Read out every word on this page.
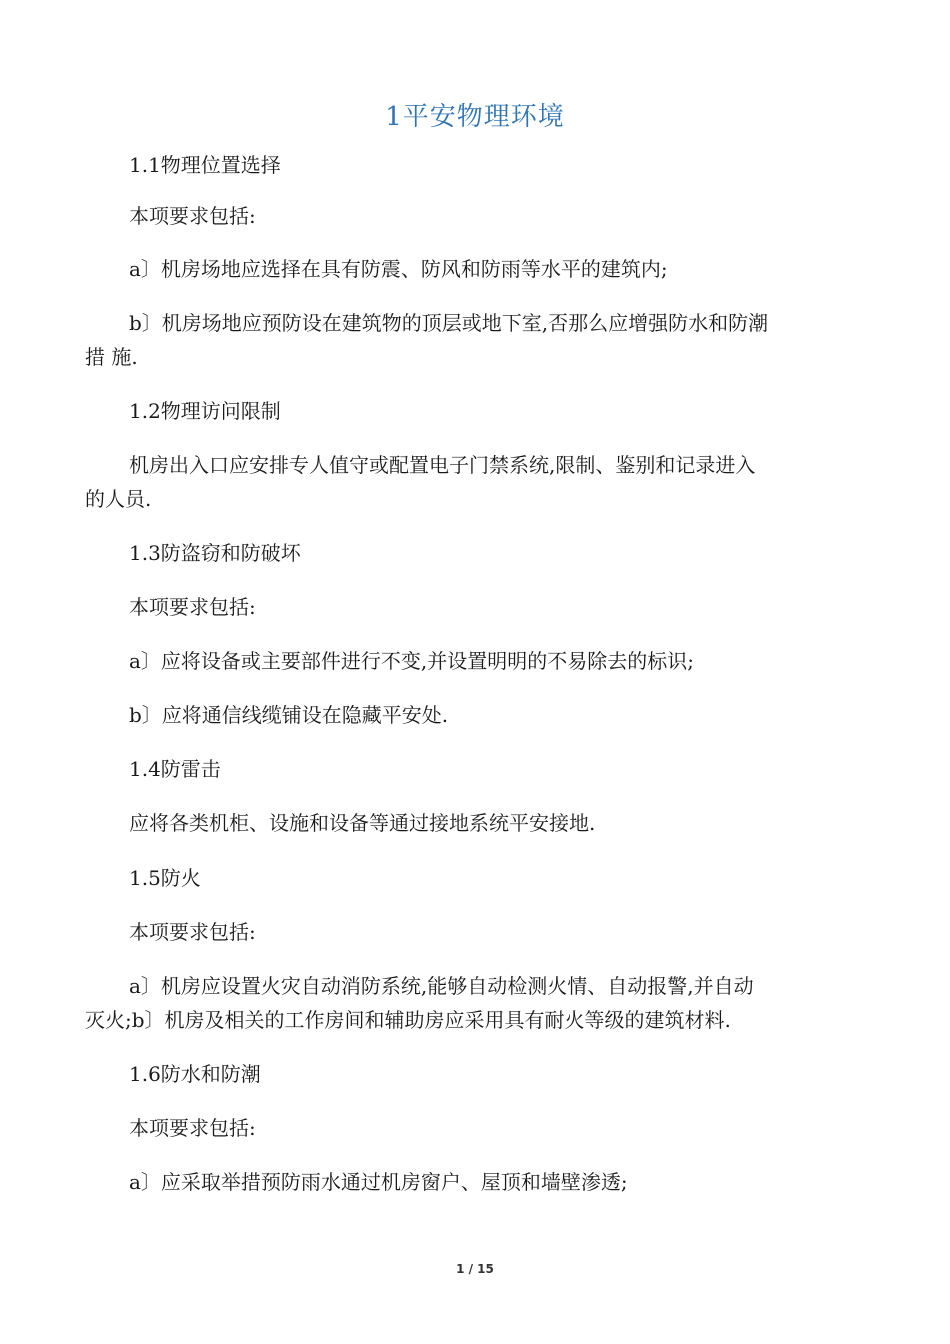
1平安物理环境
1.1物理位置选择
本项要求包括:
a〕机房场地应选择在具有防震、防风和防雨等水平的建筑内;
b〕机房场地应预防设在建筑物的顶层或地下室,否那么应增强防水和防潮
措 施.
1.2物理访问限制
机房出入口应安排专人值守或配置电子门禁系统,限制、鉴别和记录进入
的人员.
1.3防盗窃和防破坏
本项要求包括:
a〕应将设备或主要部件进行不变,并设置明明的不易除去的标识;
b〕应将通信线缆铺设在隐藏平安处.
1.4防雷击
应将各类机柜、设施和设备等通过接地系统平安接地.
1.5防火
本项要求包括:
a〕机房应设置火灾自动消防系统,能够自动检测火情、自动报警,并自动
灭火;b〕机房及相关的工作房间和辅助房应采用具有耐火等级的建筑材料.
1.6防水和防潮
本项要求包括:
a〕应采取举措预防雨水通过机房窗户、屋顶和墙壁渗透;
1 / 15
